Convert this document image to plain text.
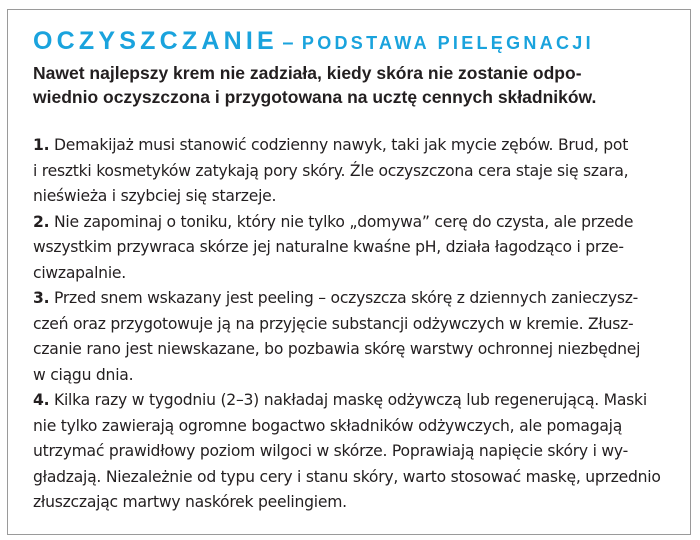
OCZYSZCZANIE – PODSTAWA PIELĘGNACJI
Nawet najlepszy krem nie zadziała, kiedy skóra nie zostanie odpo-
wiednio oczyszczona i przygotowana na ucztę cennych składników.
1. Demakijaż musi stanowić codzienny nawyk, taki jak mycie zębów. Brud, pot
i resztki kosmetyków zatykają pory skóry. Źle oczyszczona cera staje się szara,
nieświeża i szybciej się starzeje.
2. Nie zapominaj o toniku, który nie tylko „domywa” cerę do czysta, ale przede
wszystkim przywraca skórze jej naturalne kwaśne pH, działa łagodząco i prze-
ciwzapalnie.
3. Przed snem wskazany jest peeling – oczyszcza skórę z dziennych zanieczysz-
czeń oraz przygotowuje ją na przyjęcie substancji odżywczych w kremie. Złusz-
czanie rano jest niewskazane, bo pozbawia skórę warstwy ochronnej niezbędnej
w ciągu dnia.
4. Kilka razy w tygodniu (2–3) nakładaj maskę odżywczą lub regenerującą. Maski
nie tylko zawierają ogromne bogactwo składników odżywczych, ale pomagają
utrzymać prawidłowy poziom wilgoci w skórze. Poprawiają napięcie skóry i wy-
gładzają. Niezależnie od typu cery i stanu skóry, warto stosować maskę, uprzednio
złuszczając martwy naskórek peelingiem.
